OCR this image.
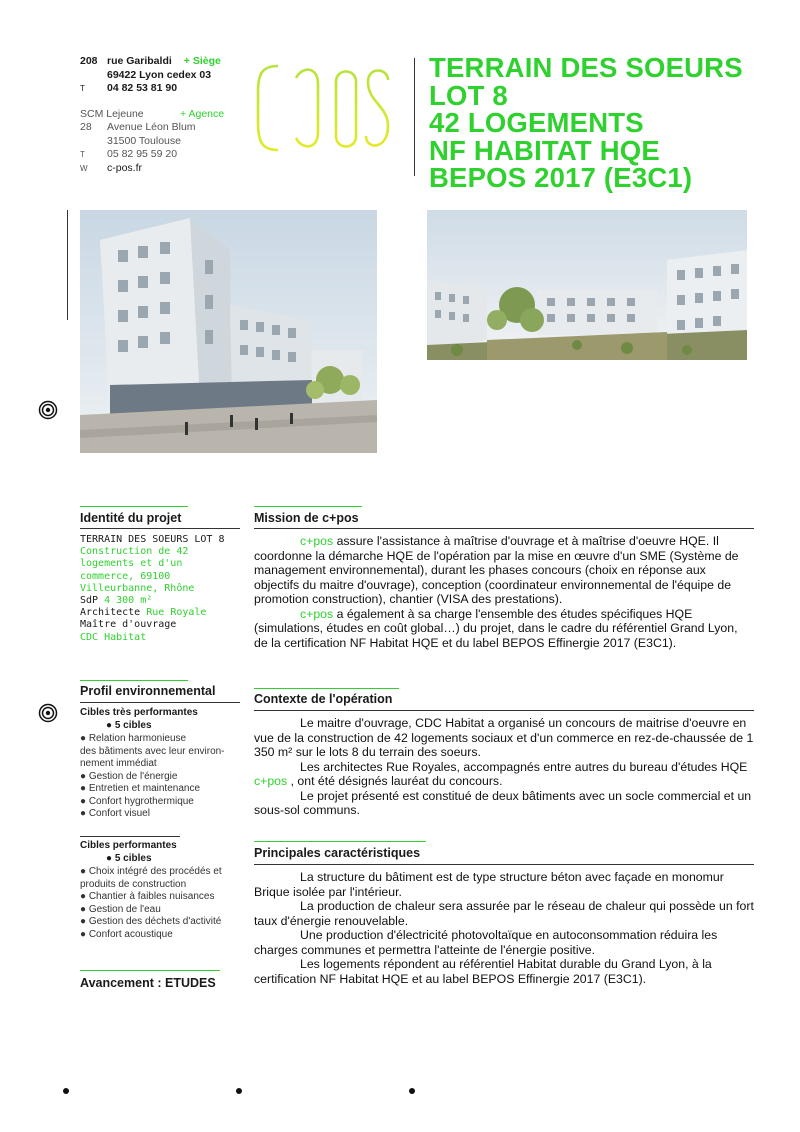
208 rue Garibaldi + Siège
69422 Lyon cedex 03
T	04 82 53 81 90
SCM Lejeune	+ Agence
28	Avenue Léon Blum
31500 Toulouse
T	05 82 95 59 20
W	c-pos.fr
TERRAIN DES SOEURS
LOT 8
42 LOGEMENTS
NF HABITAT HQE
BEPOS 2017 (E3C1)
Identité du projet
TERRAIN DES SOEURS LOT 8
Construction de 42
logements et d'un
commerce, 69100
Villeurbanne, Rhône
SdP 4 300 m²
Architecte Rue Royale
Maître d'ouvrage
CDC Habitat
Profil environnemental
Cibles très performantes
● 5 cibles
● Relation harmonieuse
des bâtiments avec leur environ-
nement immédiat
● Gestion de l'énergie
● Entretien et maintenance
● Confort hygrothermique
● Confort visuel
Cibles performantes
● 5 cibles
● Choix intégré des procédés et
produits de construction
● Chantier à faibles nuisances
● Gestion de l'eau
● Gestion des déchets d'activité
● Confort acoustique
Avancement : ETUDES
Mission de c+pos

c+pos assure l'assistance à maîtrise d'ouvrage et à maîtrise d'oeuvre HQE. Il coordonne la démarche HQE de l'opération par la mise en œuvre d'un SME (Système de management environnemental), durant les phases concours (choix en réponse aux objectifs du maitre d'ouvrage), conception (coordinateur environnemental de l'équipe de promotion construction), chantier (VISA des prestations).

c+pos a également à sa charge l'ensemble des études spécifiques HQE (simulations, études en coût global…) du projet, dans le cadre du référentiel Grand Lyon, de la certification NF Habitat HQE et du label BEPOS Effinergie 2017 (E3C1).

Contexte de l'opération

Le maitre d'ouvrage, CDC Habitat a organisé un concours de maitrise d'oeuvre en vue de la construction de 42 logements sociaux et d'un commerce en rez-de-chaussée de 1 350 m² sur le lots 8 du terrain des soeurs.

Les architectes Rue Royales, accompagnés entre autres du bureau d'études HQE c+pos , ont été désignés lauréat du concours.

Le projet présenté est constitué de deux bâtiments avec un socle commercial et un sous-sol communs.

Principales caractéristiques

La structure du bâtiment est de type structure béton avec façade en monomur Brique isolée par l'intérieur.

La production de chaleur sera assurée par le réseau de chaleur qui possède un fort taux d'énergie renouvelable.

Une production d'électricité photovoltaïque en autoconsommation réduira les charges communes et permettra l'atteinte de l'énergie positive.

Les logements répondent au référentiel Habitat durable du Grand Lyon, à la certification NF Habitat HQE et au label BEPOS Effinergie 2017 (E3C1).
